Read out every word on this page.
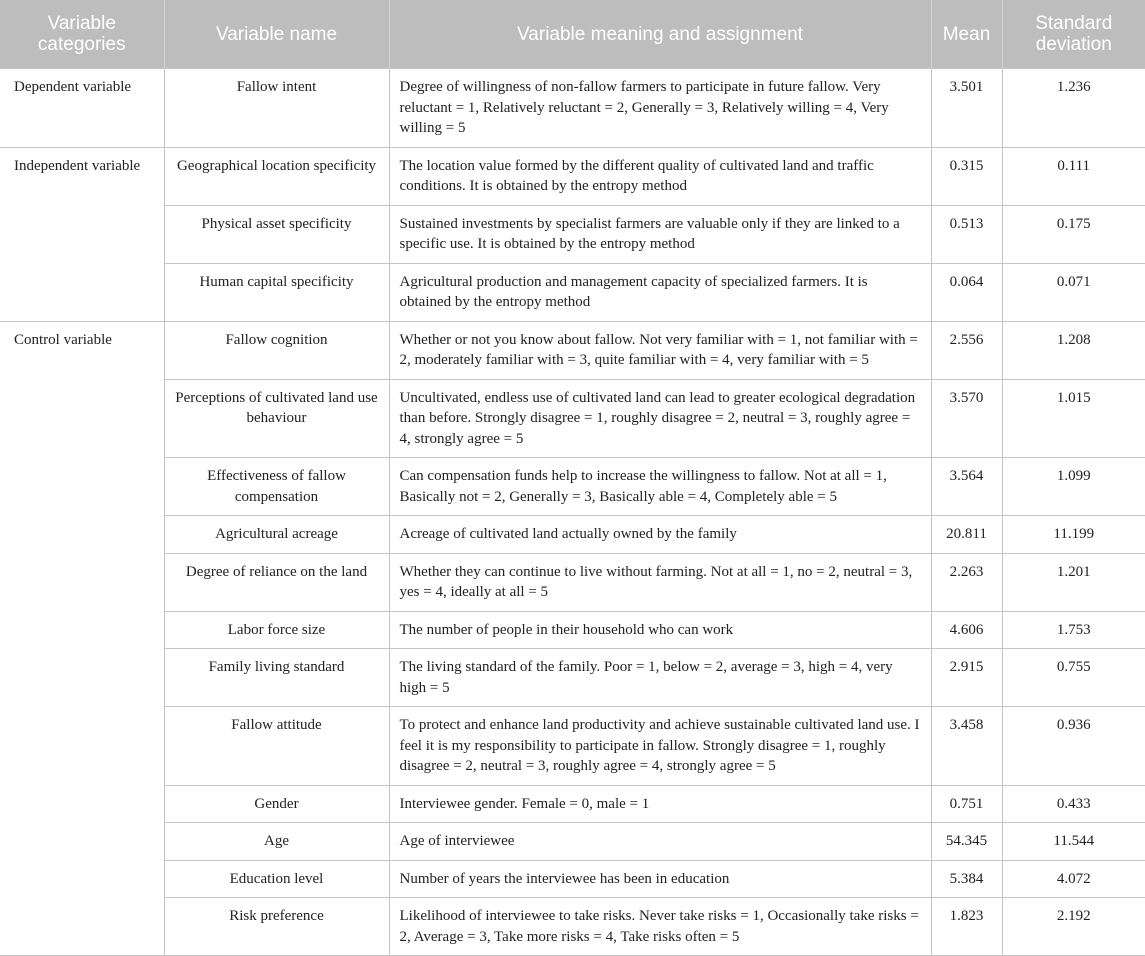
Variable categories	Variable name	Variable meaning and assignment	Mean	Standard deviation
Dependent variable	Fallow intent	Degree of willingness of non-fallow farmers to participate in future fallow. Very reluctant = 1, Relatively reluctant = 2, Generally = 3, Relatively willing = 4, Very willing = 5	3.501	1.236
Independent variable	Geographical location specificity	The location value formed by the different quality of cultivated land and traffic conditions. It is obtained by the entropy method	0.315	0.111
	Physical asset specificity	Sustained investments by specialist farmers are valuable only if they are linked to a specific use. It is obtained by the entropy method	0.513	0.175
	Human capital specificity	Agricultural production and management capacity of specialized farmers. It is obtained by the entropy method	0.064	0.071
Control variable	Fallow cognition	Whether or not you know about fallow. Not very familiar with = 1, not familiar with = 2, moderately familiar with = 3, quite familiar with = 4, very familiar with = 5	2.556	1.208
	Perceptions of cultivated land use behaviour	Uncultivated, endless use of cultivated land can lead to greater ecological degradation than before. Strongly disagree = 1, roughly disagree = 2, neutral = 3, roughly agree = 4, strongly agree = 5	3.570	1.015
	Effectiveness of fallow compensation	Can compensation funds help to increase the willingness to fallow. Not at all = 1, Basically not = 2, Generally = 3, Basically able = 4, Completely able = 5	3.564	1.099
	Agricultural acreage	Acreage of cultivated land actually owned by the family	20.811	11.199
	Degree of reliance on the land	Whether they can continue to live without farming. Not at all = 1, no = 2, neutral = 3, yes = 4, ideally at all = 5	2.263	1.201
	Labor force size	The number of people in their household who can work	4.606	1.753
	Family living standard	The living standard of the family. Poor = 1, below = 2, average = 3, high = 4, very high = 5	2.915	0.755
	Fallow attitude	To protect and enhance land productivity and achieve sustainable cultivated land use. I feel it is my responsibility to participate in fallow. Strongly disagree = 1, roughly disagree = 2, neutral = 3, roughly agree = 4, strongly agree = 5	3.458	0.936
	Gender	Interviewee gender. Female = 0, male = 1	0.751	0.433
	Age	Age of interviewee	54.345	11.544
	Education level	Number of years the interviewee has been in education	5.384	4.072
	Risk preference	Likelihood of interviewee to take risks. Never take risks = 1, Occasionally take risks = 2, Average = 3, Take more risks = 4, Take risks often = 5	1.823	2.192
